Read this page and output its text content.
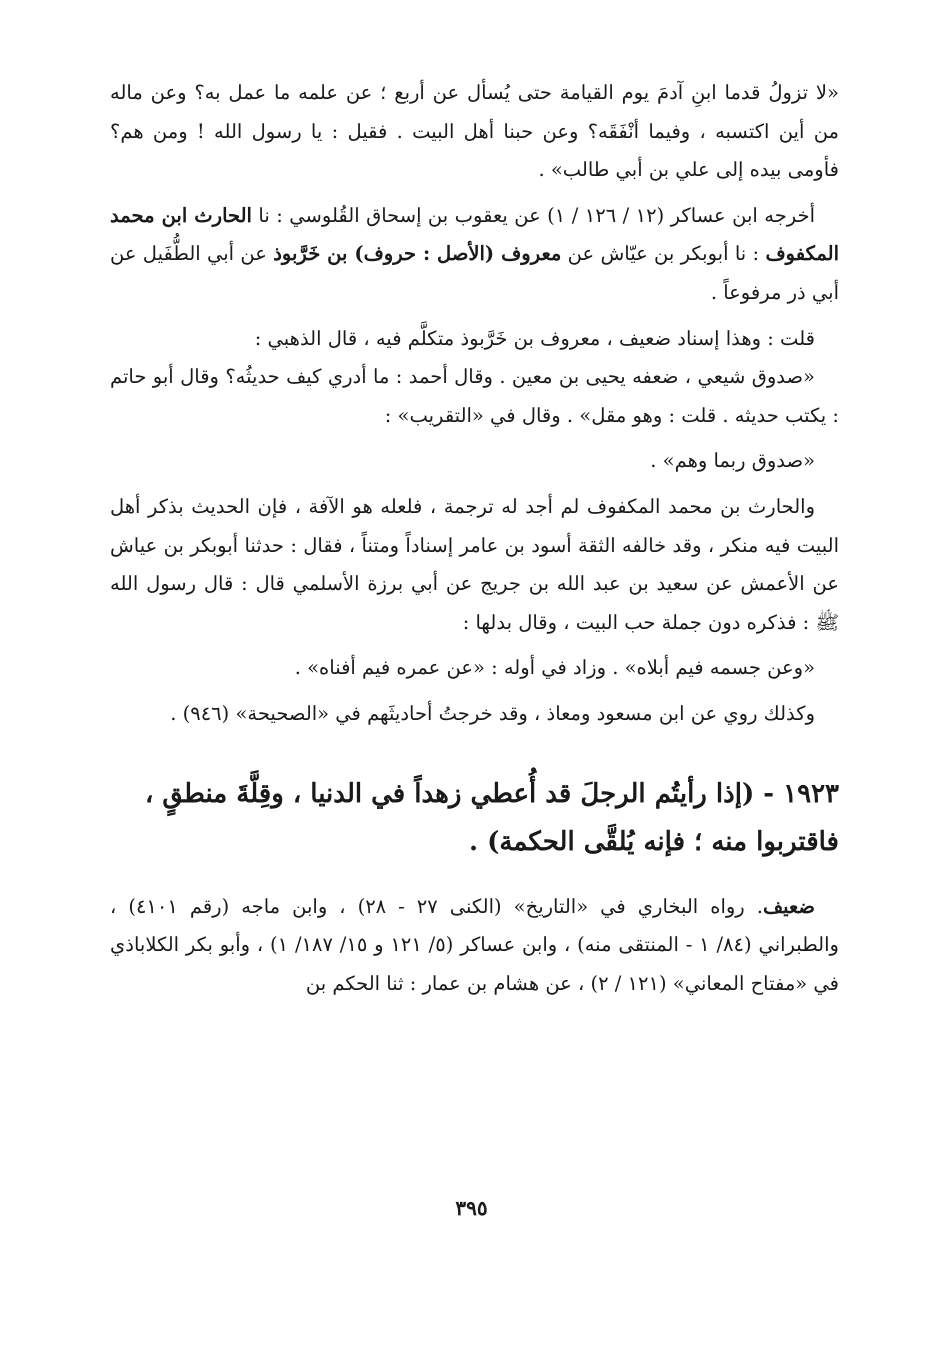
«لا تزولُ قدما ابنِ آدمَ يوم القيامة حتى يُسأل عن أربع ؛ عن علمه ما عمل به؟ وعن ماله من أين اكتسبه ، وفيما أنْفَقَه؟ وعن حبنا أهل البيت . فقيل : يا رسول الله ! ومن هم؟ فأومى بيده إلى علي بن أبي طالب» .

أخرجه ابن عساكر (١٢ / ١٢٦ / ١) عن يعقوب بن إسحاق القُلوسي : نا الحارث ابن محمد المكفوف : نا أبوبكر بن عيّاش عن معروف (الأصل : حروف) بن خَرَّبوذ عن أبي الطُّفَيل عن أبي ذر مرفوعاً .

قلت : وهذا إسناد ضعيف ، معروف بن خَرَّبوذ متكلَّم فيه ، قال الذهبي :

«صدوق شيعي ، ضعفه يحيى بن معين . وقال أحمد : ما أدري كيف حديثُه؟ وقال أبو حاتم : يكتب حديثه . قلت : وهو مقل» . وقال في «التقريب» :

«صدوق ربما وهم» .

والحارث بن محمد المكفوف لم أجد له ترجمة ، فلعله هو الآفة ، فإن الحديث بذكر أهل البيت فيه منكر ، وقد خالفه الثقة أسود بن عامر إسناداً ومتناً ، فقال : حدثنا أبوبكر بن عياش عن الأعمش عن سعيد بن عبد الله بن جريج عن أبي برزة الأسلمي قال : قال رسول الله ﷺ : فذكره دون جملة حب البيت ، وقال بدلها :

«وعن جسمه فيم أبلاه» . وزاد في أوله : «عن عمره فيم أفناه» .

وكذلك روي عن ابن مسعود ومعاذ ، وقد خرجتُ أحاديثَهم في «الصحيحة» (٩٤٦) .

١٩٢٣ - (إذا رأيتُم الرجلَ قد أُعطي زهداً في الدنيا ، وقِلَّةَ منطقٍ ، فاقتربوا منه ؛ فإنه يُلقَّى الحكمة) .

ضعيف. رواه البخاري في «التاريخ» (الكنى ٢٧ - ٢٨) ، وابن ماجه (رقم ٤١٠١) ، والطبراني (٨٤/ ١ - المنتقى منه) ، وابن عساكر (٥/ ١٢١ و ١٥/ ١٨٧/ ١) ، وأبو بكر الكلاباذي في «مفتاح المعاني» (١٢١ / ٢) ، عن هشام بن عمار : ثنا الحكم بن

٣٩٥
